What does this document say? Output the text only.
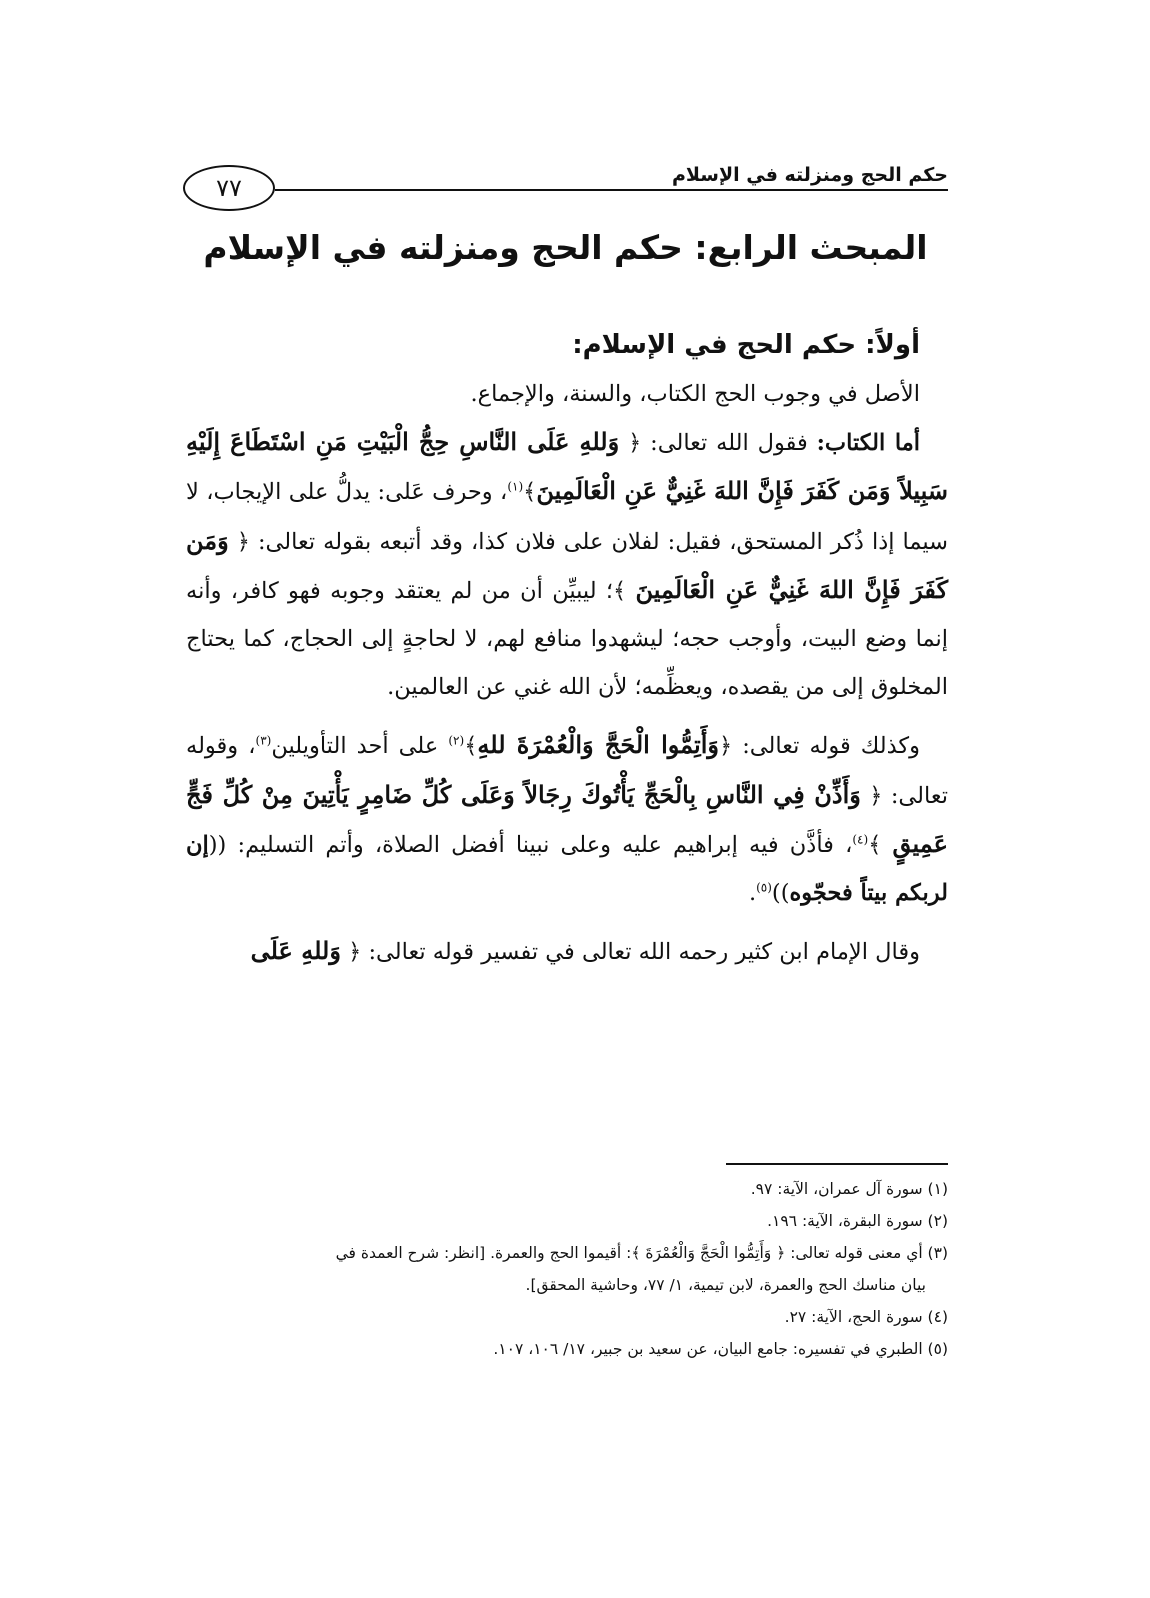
حكم الحج ومنزلته في الإسلام
٧٧
المبحث الرابع: حكم الحج ومنزلته في الإسلام
أولاً: حكم الحج في الإسلام:

الأصل في وجوب الحج الكتاب، والسنة، والإجماع.

أما الكتاب: فقول الله تعالى: ﴿ وَللهِ عَلَى النَّاسِ حِجُّ الْبَيْتِ مَنِ اسْتَطَاعَ إِلَيْهِ سَبِيلاً وَمَن كَفَرَ فَإِنَّ اللهَ غَنِيٌّ عَنِ الْعَالَمِينَ﴾$^{(١)}$، وحرف عَلى: يدلُّ على الإيجاب، لا سيما إذا ذُكر المستحق، فقيل: لفلان على فلان كذا، وقد أتبعه بقوله تعالى: ﴿ وَمَن كَفَرَ فَإِنَّ اللهَ غَنِيٌّ عَنِ الْعَالَمِينَ ﴾؛ ليبيِّن أن من لم يعتقد وجوبه فهو كافر، وأنه إنما وضع البيت، وأوجب حجه؛ ليشهدوا منافع لهم، لا لحاجةٍ إلى الحجاج، كما يحتاج المخلوق إلى من يقصده، ويعظِّمه؛ لأن الله غني عن العالمين.

وكذلك قوله تعالى: ﴿وَأَتِمُّوا الْحَجَّ وَالْعُمْرَةَ للهِ﴾$^{(٢)}$ على أحد التأويلين$^{(٣)}$، وقوله تعالى: ﴿ وَأَذِّنْ فِي النَّاسِ بِالْحَجِّ يَأْتُوكَ رِجَالاً وَعَلَى كُلِّ ضَامِرٍ يَأْتِينَ مِنْ كُلِّ فَجٍّ عَمِيقٍ ﴾$^{(٤)}$، فأذَّن فيه إبراهيم عليه وعلى نبينا أفضل الصلاة، وأتم التسليم: ((إن لربكم بيتاً فحجّوه))$^{(٥)}$.

وقال الإمام ابن كثير رحمه الله تعالى في تفسير قوله تعالى: ﴿ وَللهِ عَلَى

(١) سورة آل عمران، الآية: ٩٧.

(٢) سورة البقرة، الآية: ١٩٦.

(٣) أي معنى قوله تعالى: ﴿ وَأَتِمُّوا الْحَجَّ وَالْعُمْرَةَ ﴾: أقيموا الحج والعمرة. [انظر: شرح العمدة في

بيان مناسك الحج والعمرة، لابن تيمية، ١/ ٧٧، وحاشية المحقق].

(٤) سورة الحج، الآية: ٢٧.

(٥) الطبري في تفسيره: جامع البيان، عن سعيد بن جبير، ١٧/ ١٠٦، ١٠٧.
